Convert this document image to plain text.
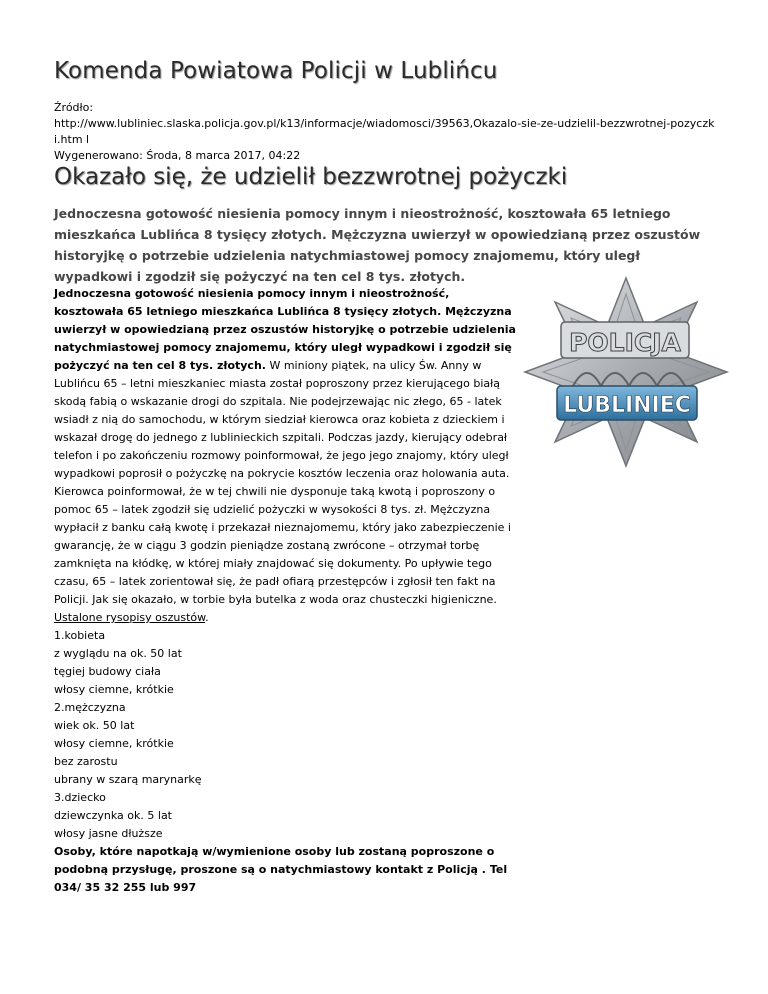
Komenda Powiatowa Policji w Lublińcu
Źródło:
http://www.lubliniec.slaska.policja.gov.pl/k13/informacje/wiadomosci/39563,Okazalo-sie-ze-udzielil-bezzwrotnej-pozyczki.htm l
Wygenerowano: Środa, 8 marca 2017, 04:22
Okazało się, że udzielił bezzwrotnej pożyczki

Jednoczesna gotowość niesienia pomocy innym i nieostrożność, kosztowała 65 letniego mieszkańca Lublińca 8 tysięcy złotych. Mężczyzna uwierzył w opowiedzianą przez oszustów historyjkę o potrzebie udzielenia natychmiastowej pomocy znajomemu, który uległ wypadkowi i zgodził się pożyczyć na ten cel 8 tys. złotych.

POLICJA
LUBLINIEC

Jednoczesna gotowość niesienia pomocy innym i nieostrożność, kosztowała 65 letniego mieszkańca Lublińca 8 tysięcy złotych. Mężczyzna uwierzył w opowiedzianą przez oszustów historyjkę o potrzebie udzielenia natychmiastowej pomocy znajomemu, który uległ wypadkowi i zgodził się pożyczyć na ten cel 8 tys. złotych. W miniony piątek, na ulicy Św. Anny w Lublińcu 65 – letni mieszkaniec miasta został poproszony przez kierującego białą skodą fabią o wskazanie drogi do szpitala. Nie podejrzewając nic złego, 65 - latek wsiadł z nią do samochodu, w którym siedział kierowca oraz kobieta z dzieckiem i wskazał drogę do jednego z lublinieckich szpitali. Podczas jazdy, kierujący odebrał telefon i po zakończeniu rozmowy poinformował, że jego jego znajomy, który uległ wypadkowi poprosił o pożyczkę na pokrycie kosztów leczenia oraz holowania auta. Kierowca poinformował, że w tej chwili nie dysponuje taką kwotą i poproszony o pomoc 65 – latek zgodził się udzielić pożyczki w wysokości 8 tys. zł. Mężczyzna wypłacił z banku całą kwotę i przekazał nieznajomemu, który jako zabezpieczenie i gwarancję, że w ciągu 3 godzin pieniądze zostaną zwrócone – otrzymał torbę zamknięta na kłódkę, w której miały znajdować się dokumenty. Po upływie tego czasu, 65 – latek zorientował się, że padł ofiarą przestępców i zgłosił ten fakt na Policji. Jak się okazało, w torbie była butelka z woda oraz chusteczki higieniczne.

Ustalone rysopisy oszustów.

1.kobieta
z wyglądu na ok. 50 lat
tęgiej budowy ciała
włosy ciemne, krótkie
2.mężczyzna
wiek ok. 50 lat
włosy ciemne, krótkie
bez zarostu
ubrany w szarą marynarkę
3.dziecko
dziewczynka ok. 5 lat
włosy jasne dłuższe

Osoby, które napotkają w/wymienione osoby lub zostaną poproszone o podobną przysługę, proszone są o natychmiastowy kontakt z Policją . Tel 034/ 35 32 255 lub 997
